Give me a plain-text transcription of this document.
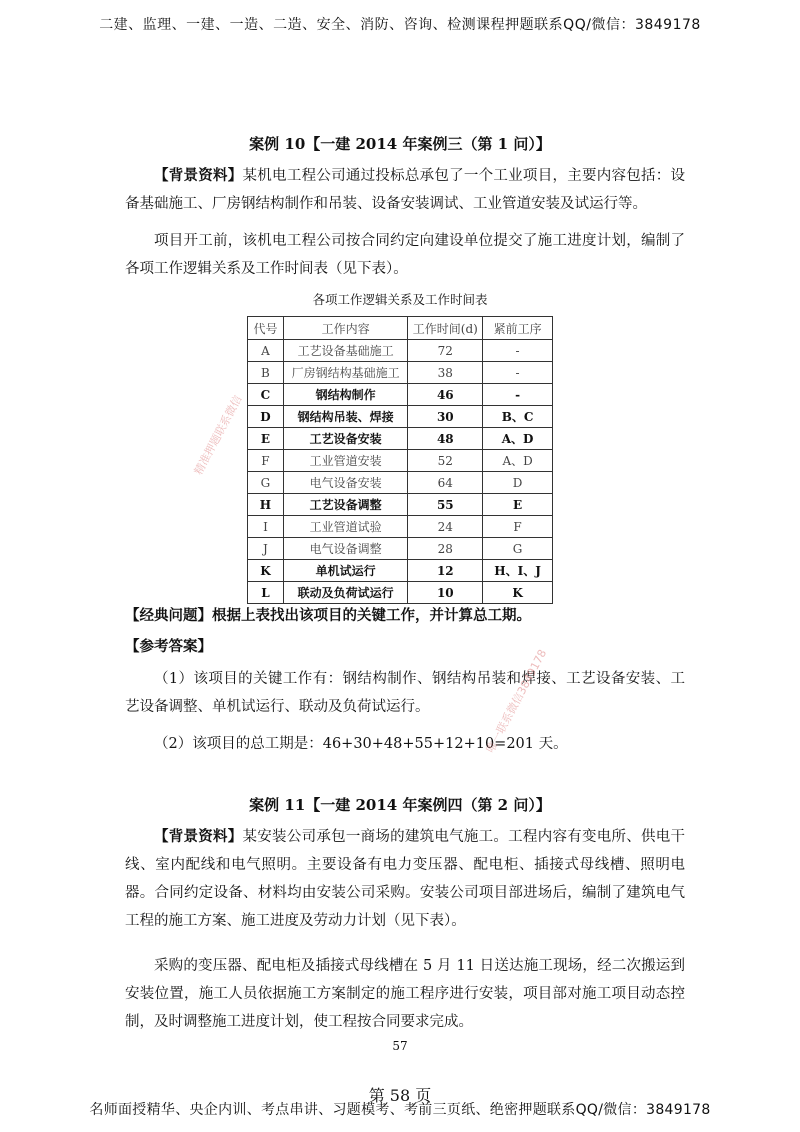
二建、监理、一建、一造、二造、安全、消防、咨询、检测课程押题联系QQ/微信：3849178
案例 10【一建 2014 年案例三（第 1 问）】
【背景资料】某机电工程公司通过投标总承包了一个工业项目，主要内容包括：设备基础施工、厂房钢结构制作和吊装、设备安装调试、工业管道安装及试运行等。
项目开工前，该机电工程公司按合同约定向建设单位提交了施工进度计划，编制了各项工作逻辑关系及工作时间表（见下表）。
各项工作逻辑关系及工作时间表
代号	工作内容	工作时间(d)	紧前工序
A	工艺设备基础施工	72	-
B	厂房钢结构基础施工	38	-
C	钢结构制作	46	-
D	钢结构吊装、焊接	30	B、C
E	工艺设备安装	48	A、D
F	工业管道安装	52	A、D
G	电气设备安装	64	D
H	工艺设备调整	55	E
I	工业管道试验	24	F
J	电气设备调整	28	G
K	单机试运行	12	H、I、J
L	联动及负荷试运行	10	K
【经典问题】根据上表找出该项目的关键工作，并计算总工期。
【参考答案】
（1）该项目的关键工作有：钢结构制作、钢结构吊装和焊接、工艺设备安装、工艺设备调整、单机试运行、联动及负荷试运行。
（2）该项目的总工期是：46+30+48+55+12+10=201 天。
案例 11【一建 2014 年案例四（第 2 问）】
【背景资料】某安装公司承包一商场的建筑电气施工。工程内容有变电所、供电干线、室内配线和电气照明。主要设备有电力变压器、配电柜、插接式母线槽、照明电器。合同约定设备、材料均由安装公司采购。安装公司项目部进场后，编制了建筑电气工程的施工方案、施工进度及劳动力计划（见下表）。
采购的变压器、配电柜及插接式母线槽在 5 月 11 日送达施工现场，经二次搬运到安装位置，施工人员依据施工方案制定的施工程序进行安装，项目部对施工项目动态控制，及时调整施工进度计划，使工程按合同要求完成。
精准押题联系微信
唯一联系微信3849178
57
第 58 页
名师面授精华、央企内训、考点串讲、习题模考、考前三页纸、绝密押题联系QQ/微信：3849178
